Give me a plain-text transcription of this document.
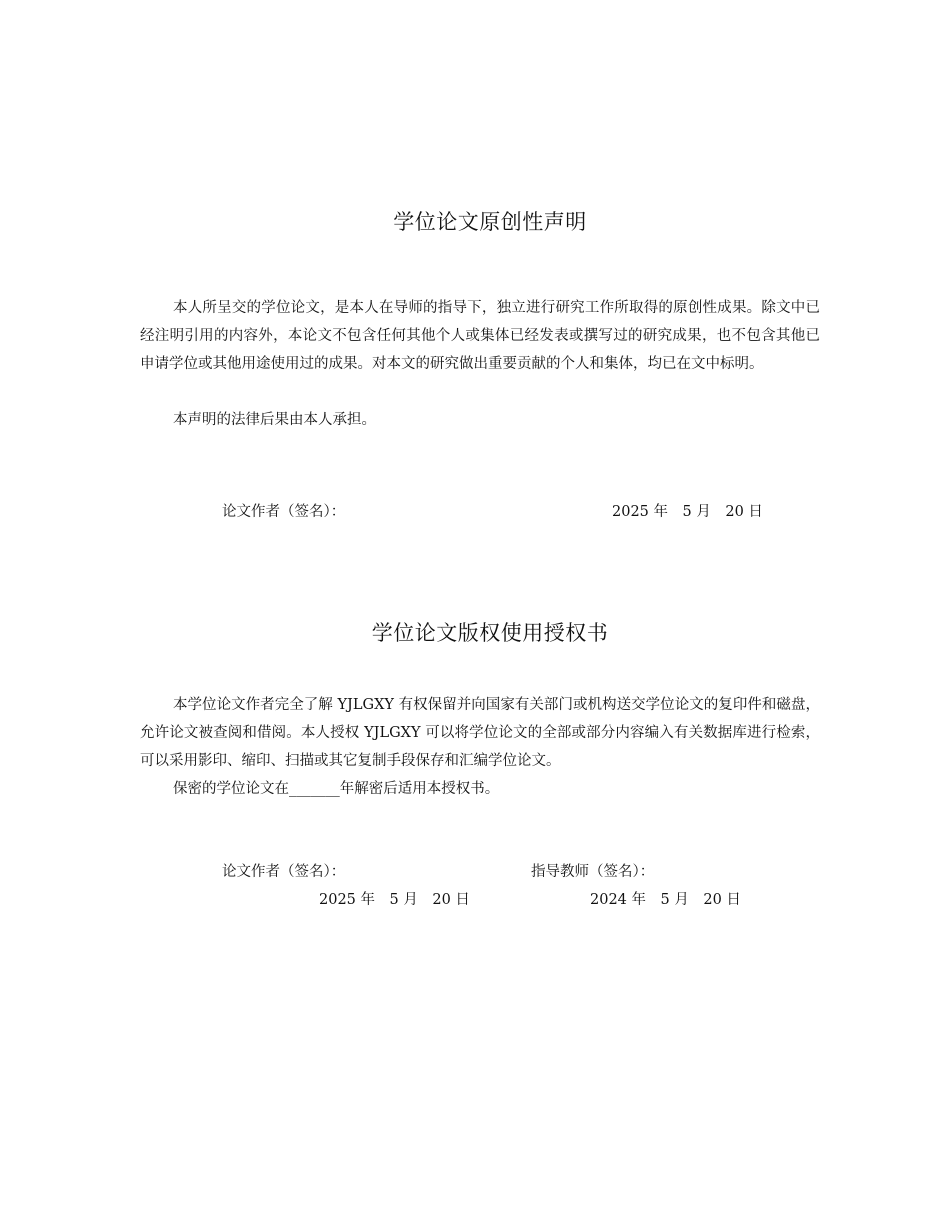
学位论文原创性声明

本人所呈交的学位论文，是本人在导师的指导下，独立进行研究工作所取得的原创性成果。除文中已经注明引用的内容外，本论文不包含任何其他个人或集体已经发表或撰写过的研究成果，也不包含其他已申请学位或其他用途使用过的成果。对本文的研究做出重要贡献的个人和集体，均已在文中标明。

本声明的法律后果由本人承担。

论文作者（签名）：	2025 年　5 月　20 日

学位论文版权使用授权书

本学位论文作者完全了解 YJLGXY 有权保留并向国家有关部门或机构送交学位论文的复印件和磁盘，允许论文被查阅和借阅。本人授权 YJLGXY 可以将学位论文的全部或部分内容编入有关数据库进行检索，可以采用影印、缩印、扫描或其它复制手段保存和汇编学位论文。

保密的学位论文在_______年解密后适用本授权书。

论文作者（签名）：	指导教师（签名）：

2025 年　5 月　20 日	2024 年　5 月　20 日
